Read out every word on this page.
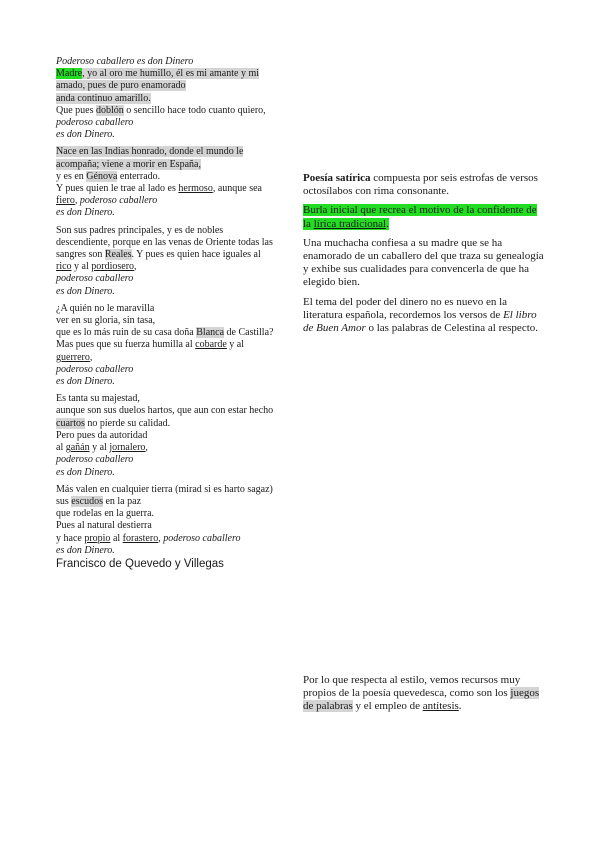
Poderoso caballero es don Dinero

Madre, yo al oro me humillo, él es mi amante y mi

amado, pues de puro enamorado

anda continuo amarillo.

Que pues doblón o sencillo hace todo cuanto quiero,

poderoso caballero

es don Dinero.

Nace en las Indias honrado, donde el mundo le

acompaña; viene a morir en España,

y es en Génova enterrado.

Y pues quien le trae al lado es hermoso, aunque sea

fiero, poderoso caballero

es don Dinero.

Son sus padres principales, y es de nobles

descendiente, porque en las venas de Oriente todas las

sangres son Reales. Y pues es quien hace iguales al

rico y al pordiosero,

poderoso caballero

es don Dinero.

¿A quién no le maravilla

ver en su gloria, sin tasa,

que es lo más ruin de su casa doña Blanca de Castilla?

Mas pues que su fuerza humilla al cobarde y al

guerrero,

poderoso caballero

es don Dinero.

Es tanta su majestad,

aunque son sus duelos hartos, que aun con estar hecho

cuartos no pierde su calidad.

Pero pues da autoridad

al gañán y al jornalero,

poderoso caballero

es don Dinero.

Más valen en cualquier tierra (mirad si es harto sagaz)

sus escudos en la paz

que rodelas en la guerra.

Pues al natural destierra

y hace propio al forastero, poderoso caballero

es don Dinero.

Francisco de Quevedo y Villegas

Poesía satírica compuesta por seis estrofas de versos octosílabos con rima consonante.

Burla inicial que recrea el motivo de la confidente de la lírica tradicional.

Una muchacha confiesa a su madre que se ha enamorado de un caballero del que traza su genealogía y exhibe sus cualidades para convencerla de que ha elegido bien.

El tema del poder del dinero no es nuevo en la literatura española, recordemos los versos de El libro de Buen Amor o las palabras de Celestina al respecto.

Por lo que respecta al estilo, vemos recursos muy propios de la poesía quevedesca, como son los juegos de palabras y el empleo de antítesis.
